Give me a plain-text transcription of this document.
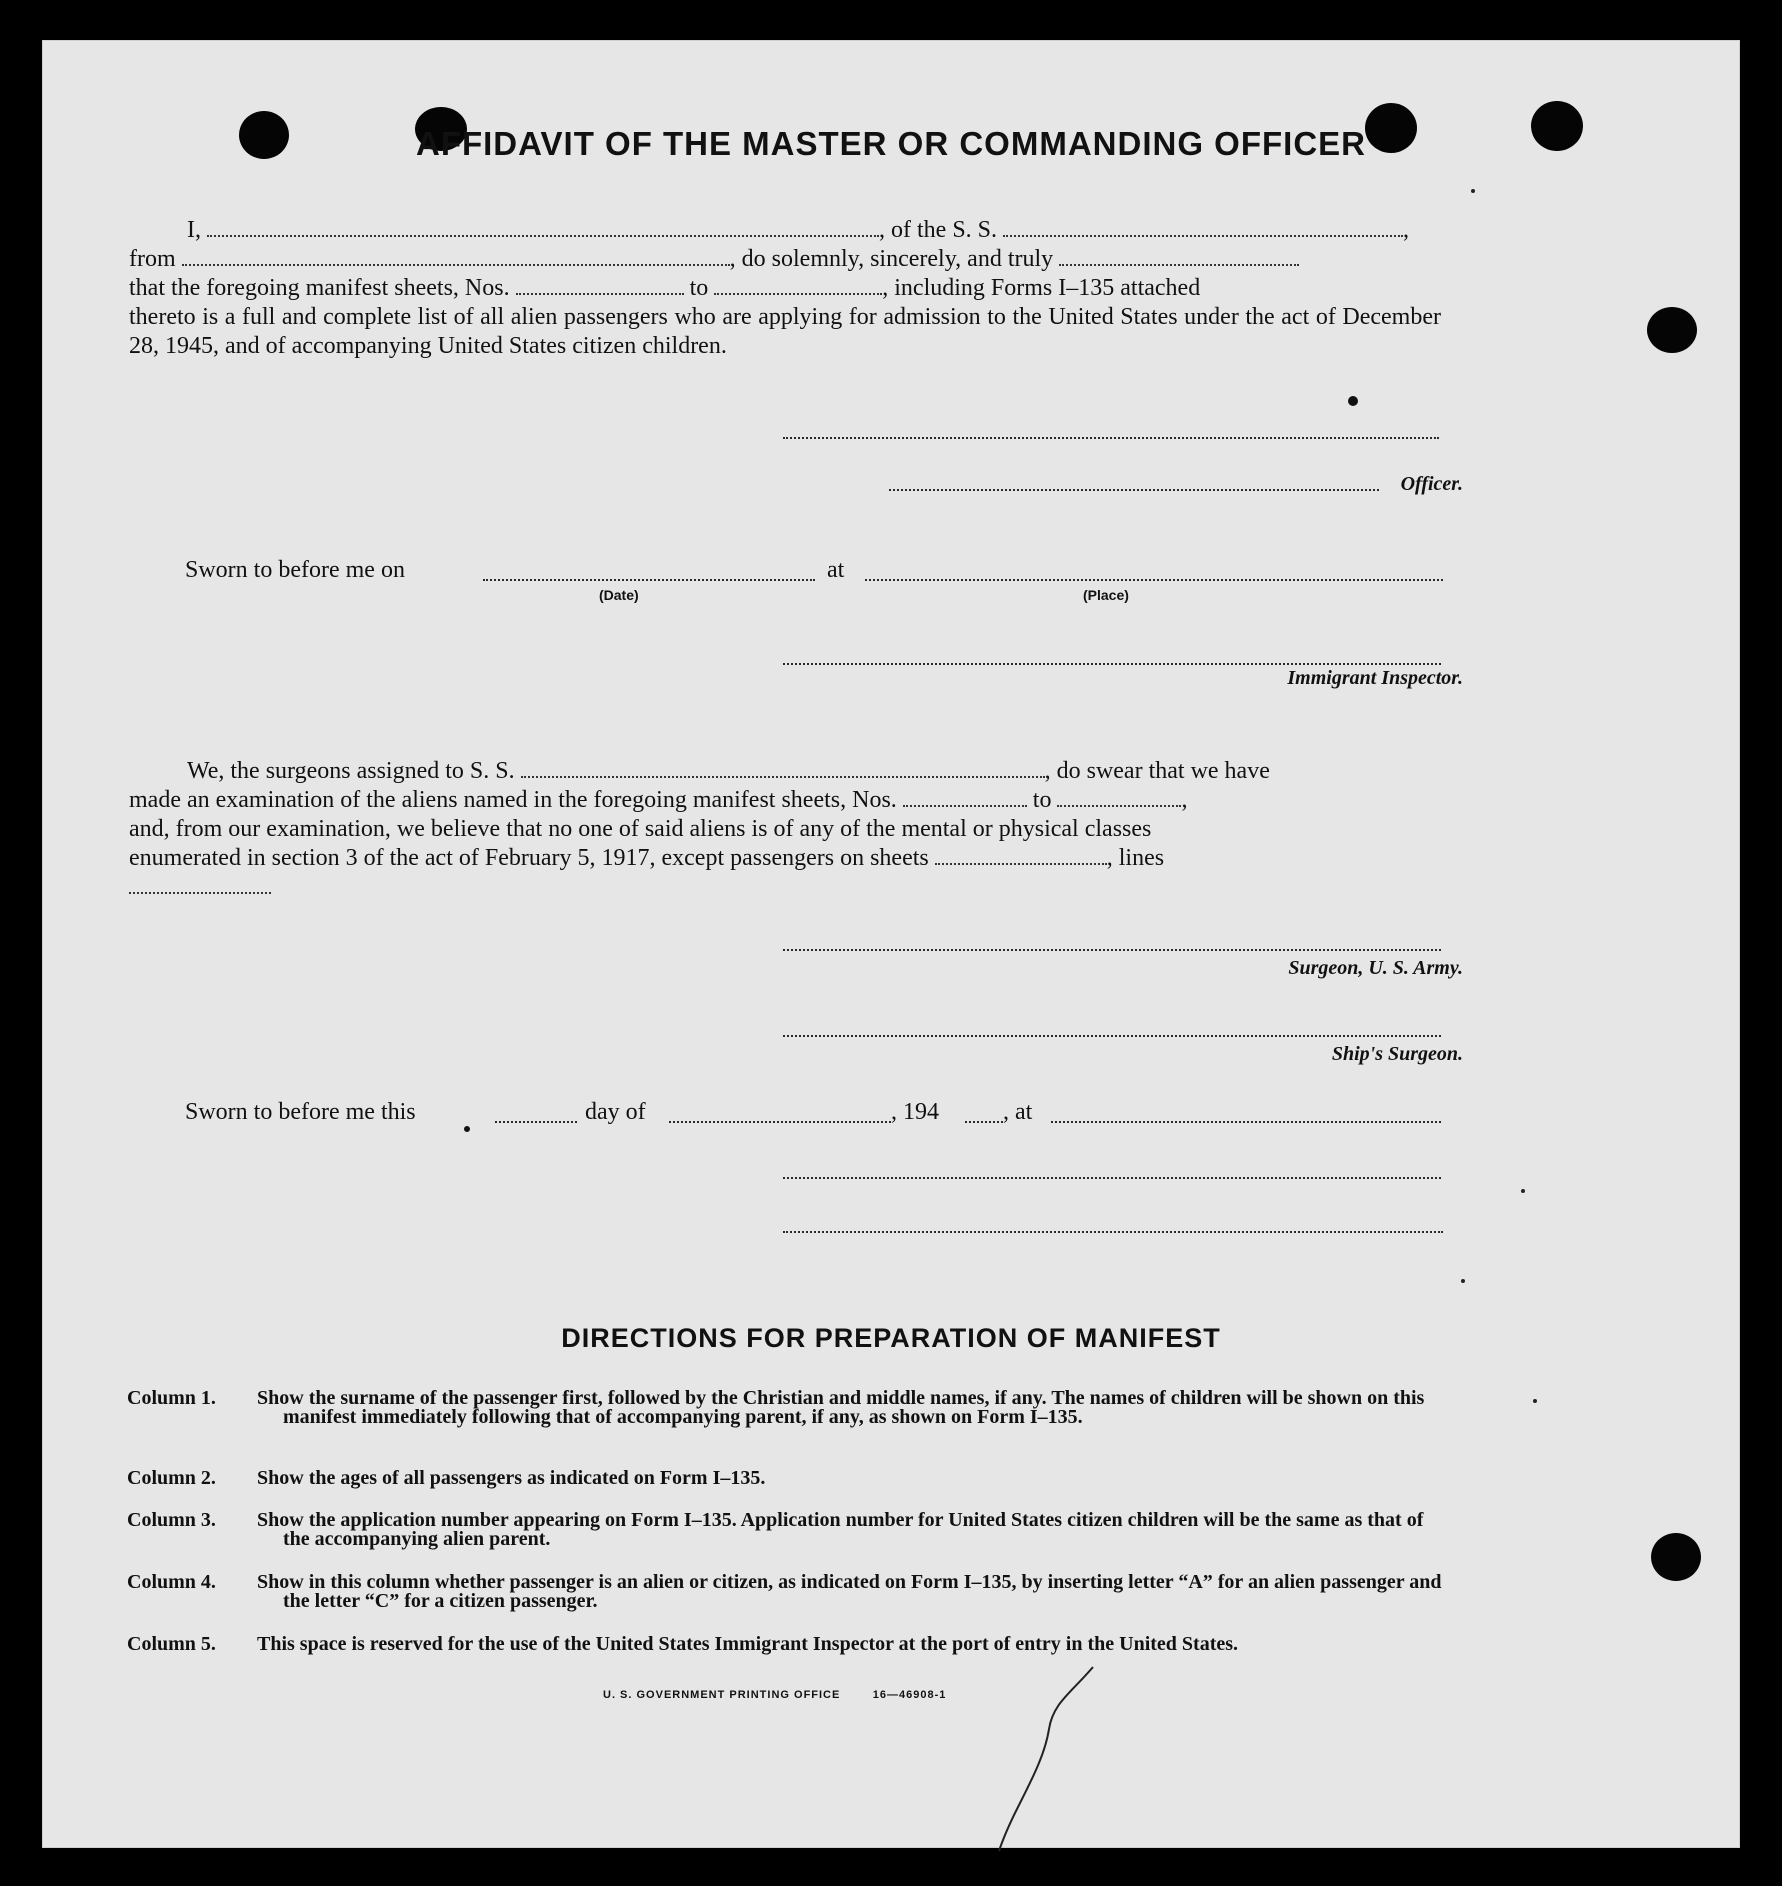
AFFIDAVIT OF THE MASTER OR COMMANDING OFFICER
I,	, of the S. S.	,
from	, do solemnly, sincerely, and truly
that the foregoing manifest sheets, Nos.	to	, including Forms I–135 attached
thereto is a full and complete list of all alien passengers who are applying for admission to the United States under the act of December 28, 1945, and of accompanying United States citizen children.
Officer.
Sworn to before me on	at
(Date)	(Place)
Immigrant Inspector.
We, the surgeons assigned to S. S.	, do swear that we have
made an examination of the aliens named in the foregoing manifest sheets, Nos.	to	,
and, from our examination, we believe that no one of said aliens is of any of the mental or physical classes
enumerated in section 3 of the act of February 5, 1917, except passengers on sheets	, lines
Surgeon, U. S. Army.
Ship's Surgeon.
Sworn to before me this	day of	, 194	, at
DIRECTIONS FOR PREPARATION OF MANIFEST
Column 1.	Show the surname of the passenger first, followed by the Christian and middle names, if any. The names of children will be shown on this manifest immediately following that of accompanying parent, if any, as shown on Form I–135.
Column 2.	Show the ages of all passengers as indicated on Form I–135.
Column 3.	Show the application number appearing on Form I–135. Application number for United States citizen children will be the same as that of the accompanying alien parent.
Column 4.	Show in this column whether passenger is an alien or citizen, as indicated on Form I–135, by inserting letter “A” for an alien passenger and the letter “C” for a citizen passenger.
Column 5.	This space is reserved for the use of the United States Immigrant Inspector at the port of entry in the United States.
U. S. GOVERNMENT PRINTING OFFICE	16—46908-1
